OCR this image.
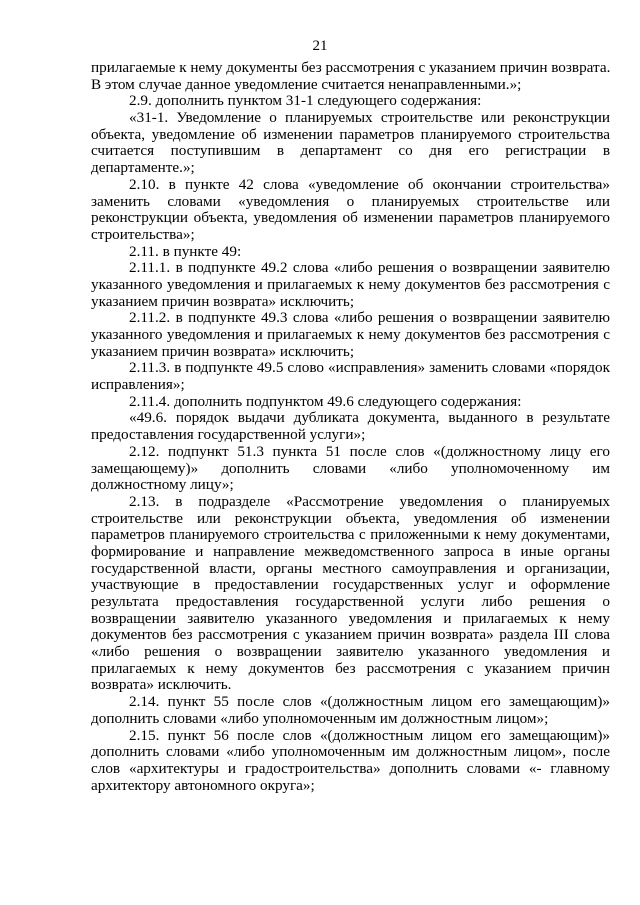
21
прилагаемые к нему документы без рассмотрения с указанием причин возврата.
В этом случае данное уведомление считается ненаправленными.»;
2.9. дополнить пунктом 31-1 следующего содержания:
«31-1. Уведомление о планируемых строительстве или реконструкции
объекта, уведомление об изменении параметров планируемого строительства
считается поступившим в департамент со дня его регистрации в
департаменте.»;
2.10. в пункте 42 слова «уведомление об окончании строительства»
заменить словами «уведомления о планируемых строительстве или
реконструкции объекта, уведомления об изменении параметров планируемого
строительства»;
2.11. в пункте 49:
2.11.1. в подпункте 49.2 слова «либо решения о возвращении заявителю
указанного уведомления и прилагаемых к нему документов без рассмотрения с
указанием причин возврата» исключить;
2.11.2. в подпункте 49.3 слова «либо решения о возвращении заявителю
указанного уведомления и прилагаемых к нему документов без рассмотрения с
указанием причин возврата» исключить;
2.11.3. в подпункте 49.5 слово «исправления» заменить словами «порядок
исправления»;
2.11.4. дополнить подпунктом 49.6 следующего содержания:
«49.6. порядок выдачи дубликата документа, выданного в результате
предоставления государственной услуги»;
2.12. подпункт 51.3 пункта 51 после слов «(должностному лицу его
замещающему)» дополнить словами «либо уполномоченному им
должностному лицу»;
2.13. в подразделе «Рассмотрение уведомления о планируемых
строительстве или реконструкции объекта, уведомления об изменении
параметров планируемого строительства с приложенными к нему документами,
формирование и направление межведомственного запроса в иные органы
государственной власти, органы местного самоуправления и организации,
участвующие в предоставлении государственных услуг и оформление
результата предоставления государственной услуги либо решения о
возвращении заявителю указанного уведомления и прилагаемых к нему
документов без рассмотрения с указанием причин возврата» раздела III слова
«либо решения о возвращении заявителю указанного уведомления и
прилагаемых к нему документов без рассмотрения с указанием причин
возврата» исключить.
2.14. пункт 55 после слов «(должностным лицом его замещающим)»
дополнить словами «либо уполномоченным им должностным лицом»;
2.15. пункт 56 после слов «(должностным лицом его замещающим)»
дополнить словами «либо уполномоченным им должностным лицом», после
слов «архитектуры и градостроительства» дополнить словами «- главному
архитектору автономного округа»;
